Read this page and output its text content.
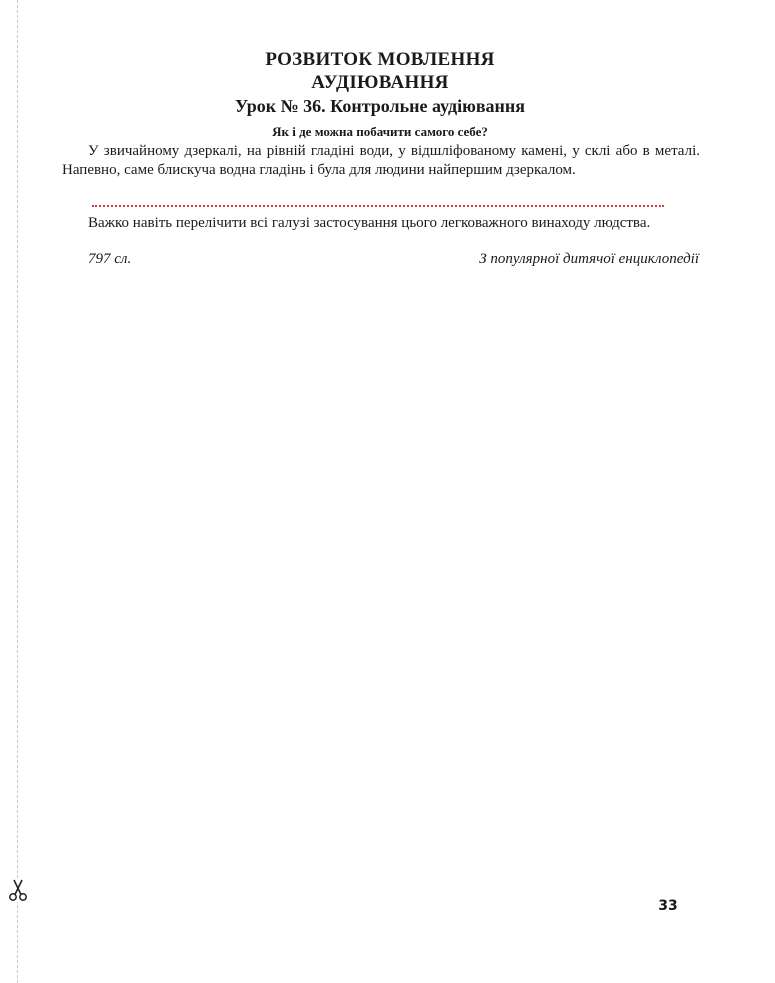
РОЗВИТОК МОВЛЕННЯ
АУДІЮВАННЯ
Урок № 36. Контрольне аудіювання
Як і де можна побачити самого себе?

У звичайному дзеркалі, на рівній гладіні води, у відшліфованому камені, у склі або в металі. Напевно, саме блискуча водна гладінь і була для людини найпершим дзеркалом.

Важко навіть перелічити всі галузі застосування цього легковажного винаходу людства.

797 сл.	З популярної дитячої енциклопедії
33
